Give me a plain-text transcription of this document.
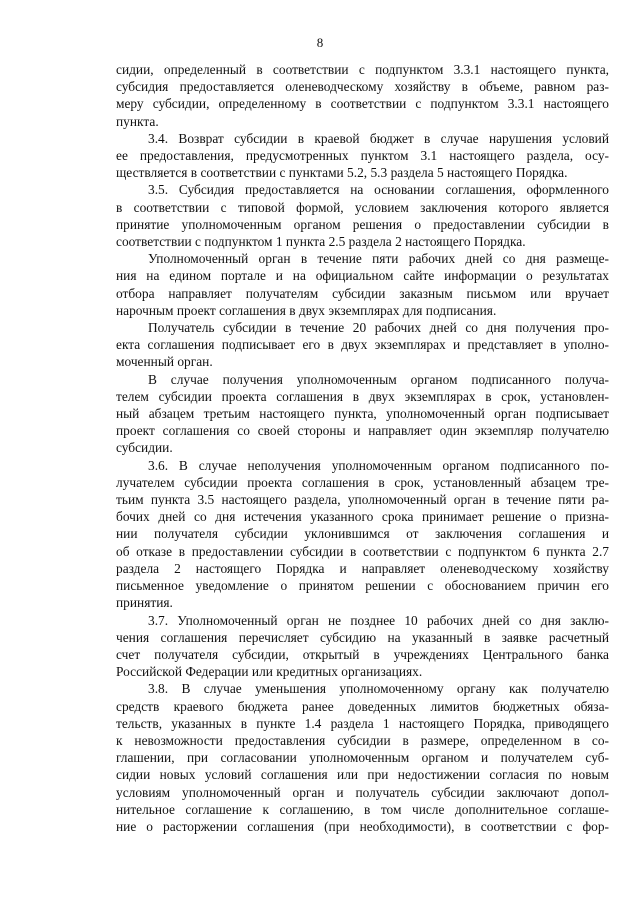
8

сидии, определенный в соответствии с подпунктом 3.3.1 настоящего пункта,
субсидия предоставляется оленеводческому хозяйству в объеме, равном раз-
меру субсидии, определенному в соответствии с подпунктом 3.3.1 настоящего
пункта.

3.4. Возврат субсидии в краевой бюджет в случае нарушения условий
ее предоставления, предусмотренных пунктом 3.1 настоящего раздела, осу-
ществляется в соответствии с пунктами 5.2, 5.3 раздела 5 настоящего Порядка.

3.5. Субсидия предоставляется на основании соглашения, оформленного
в соответствии с типовой формой, условием заключения которого является
принятие уполномоченным органом решения о предоставлении субсидии в
соответствии с подпунктом 1 пункта 2.5 раздела 2 настоящего Порядка.

Уполномоченный орган в течение пяти рабочих дней со дня размеще-
ния на едином портале и на официальном сайте информации о результатах
отбора направляет получателям субсидии заказным письмом или вручает
нарочным проект соглашения в двух экземплярах для подписания.

Получатель субсидии в течение 20 рабочих дней со дня получения про-
екта соглашения подписывает его в двух экземплярах и представляет в уполно-
моченный орган.

В случае получения уполномоченным органом подписанного получа-
телем субсидии проекта соглашения в двух экземплярах в срок, установлен-
ный абзацем третьим настоящего пункта, уполномоченный орган подписывает
проект соглашения со своей стороны и направляет один экземпляр получателю
субсидии.

3.6. В случае неполучения уполномоченным органом подписанного по-
лучателем субсидии проекта соглашения в срок, установленный абзацем тре-
тьим пункта 3.5 настоящего раздела, уполномоченный орган в течение пяти ра-
бочих дней со дня истечения указанного срока принимает решение о призна-
нии получателя субсидии уклонившимся от заключения соглашения и
об отказе в предоставлении субсидии в соответствии с подпунктом 6 пункта 2.7
раздела 2 настоящего Порядка и направляет оленеводческому хозяйству
письменное уведомление о принятом решении с обоснованием причин его
принятия.

3.7. Уполномоченный орган не позднее 10 рабочих дней со дня заклю-
чения соглашения перечисляет субсидию на указанный в заявке расчетный
счет получателя субсидии, открытый в учреждениях Центрального банка
Российской Федерации или кредитных организациях.

3.8. В случае уменьшения уполномоченному органу как получателю
средств краевого бюджета ранее доведенных лимитов бюджетных обяза-
тельств, указанных в пункте 1.4 раздела 1 настоящего Порядка, приводящего
к невозможности предоставления субсидии в размере, определенном в со-
глашении, при согласовании уполномоченным органом и получателем суб-
сидии новых условий соглашения или при недостижении согласия по новым
условиям уполномоченный орган и получатель субсидии заключают допол-
нительное соглашение к соглашению, в том числе дополнительное соглаше-
ние о расторжении соглашения (при необходимости), в соответствии с фор-
